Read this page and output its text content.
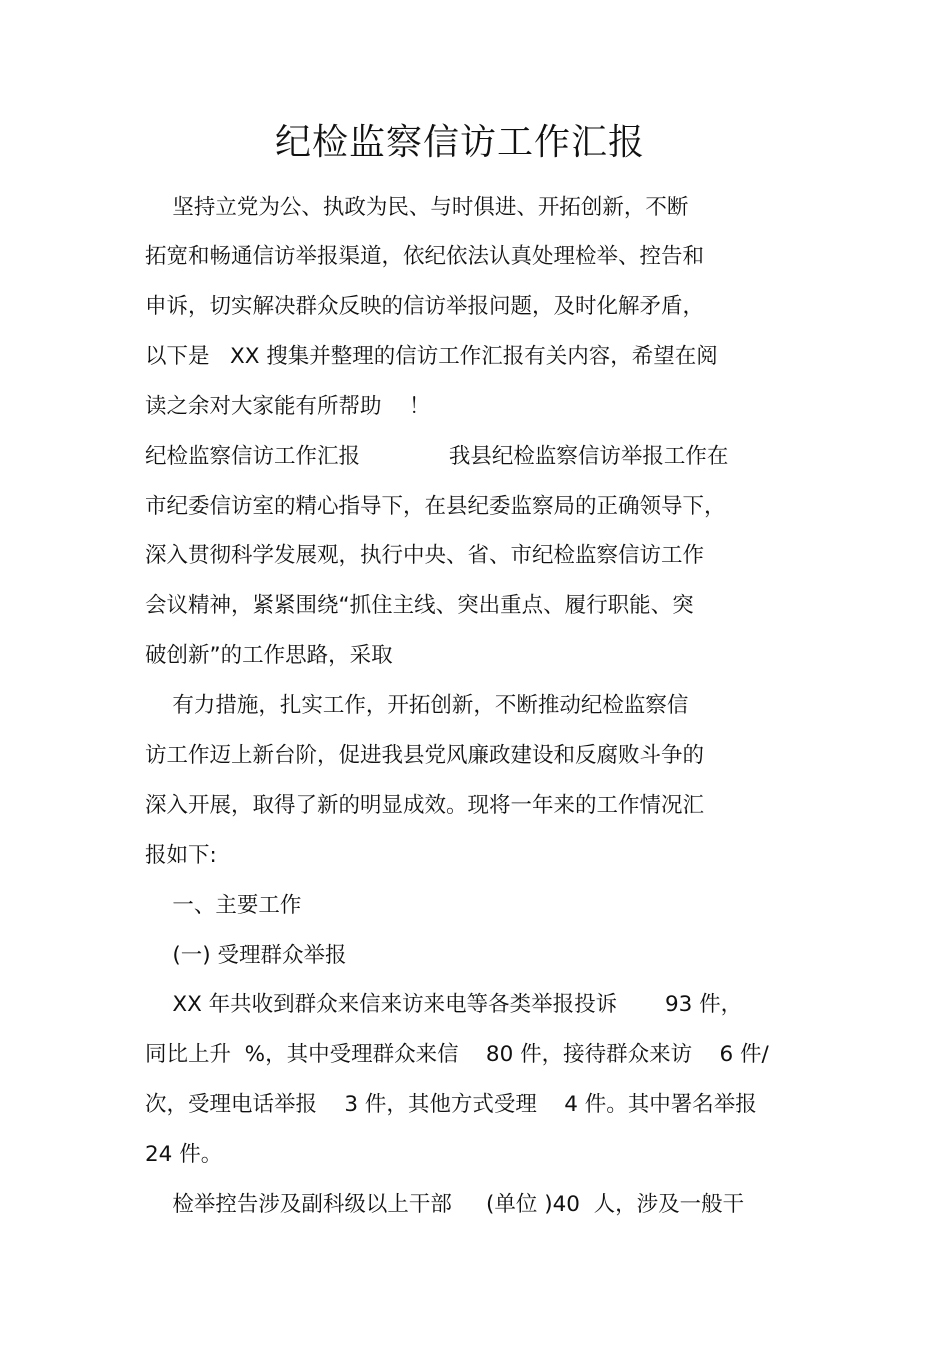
纪检监察信访工作汇报
坚持立党为公、执政为民、与时俱进、开拓创新，不断
拓宽和畅通信访举报渠道，依纪依法认真处理检举、控告和
申诉，切实解决群众反映的信访举报问题，及时化解矛盾，
以下是   XX 搜集并整理的信访工作汇报有关内容，希望在阅
读之余对大家能有所帮助    ！
纪检监察信访工作汇报             我县纪检监察信访举报工作在
市纪委信访室的精心指导下，在县纪委监察局的正确领导下，
深入贯彻科学发展观，执行中央、省、市纪检监察信访工作
会议精神，紧紧围绕“抓住主线、突出重点、履行职能、突
破创新”的工作思路，采取
有力措施，扎实工作，开拓创新，不断推动纪检监察信
访工作迈上新台阶，促进我县党风廉政建设和反腐败斗争的
深入开展，取得了新的明显成效。现将一年来的工作情况汇
报如下:
一、主要工作
(一) 受理群众举报
XX 年共收到群众来信来访来电等各类举报投诉       93 件，
同比上升  %，其中受理群众来信    80 件，接待群众来访    6 件/
次，受理电话举报    3 件，其他方式受理    4 件。其中署名举报
24 件。
检举控告涉及副科级以上干部     (单位 )40  人，涉及一般干
